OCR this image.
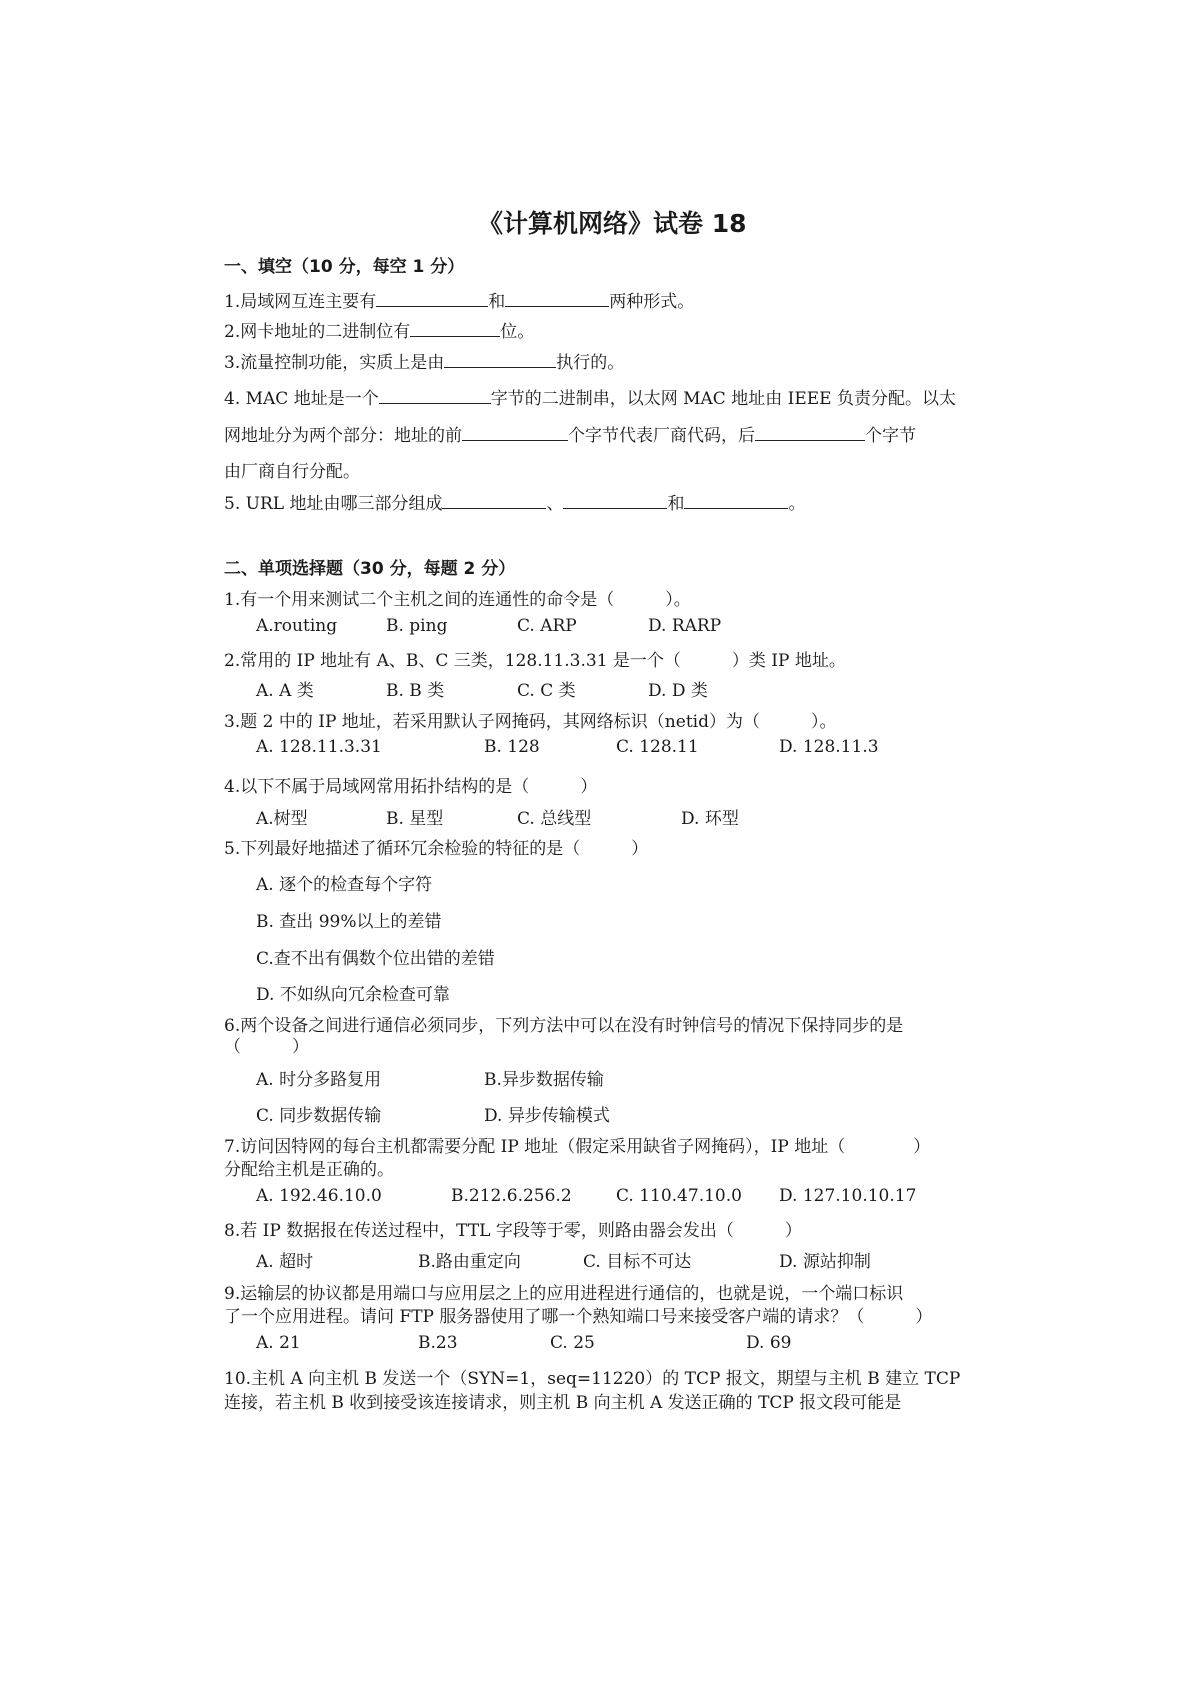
《计算机网络》试卷 18
一、填空（10 分，每空 1 分）
1.局域网互连主要有	和	两种形式。
2.网卡地址的二进制位有	位。
3.流量控制功能，实质上是由	执行的。
4. MAC 地址是一个	字节的二进制串，以太网 MAC 地址由 IEEE 负责分配。以太
网地址分为两个部分：地址的前	个字节代表厂商代码，后	个字节
由厂商自行分配。
5. URL 地址由哪三部分组成	、	和	。
二、单项选择题（30 分，每题 2 分）
1.有一个用来测试二个主机之间的连通性的命令是（　　　）。
A.routing	B. ping	C. ARP	D. RARP
2.常用的 IP 地址有 A、B、C 三类，128.11.3.31 是一个（　　　）类 IP 地址。
A. A 类	B. B 类	C. C 类	D. D 类
3.题 2 中的 IP 地址，若采用默认子网掩码，其网络标识（netid）为（　　　）。
A. 128.11.3.31	B. 128	C. 128.11	D. 128.11.3
4.以下不属于局域网常用拓扑结构的是（　　　）
A.树型	B. 星型	C. 总线型	D. 环型
5.下列最好地描述了循环冗余检验的特征的是（　　　）
A. 逐个的检查每个字符
B. 查出 99%以上的差错
C.查不出有偶数个位出错的差错
D. 不如纵向冗余检查可靠
6.两个设备之间进行通信必须同步，下列方法中可以在没有时钟信号的情况下保持同步的是
（　　　）
A. 时分多路复用	B.异步数据传输
C. 同步数据传输	D. 异步传输模式
7.访问因特网的每台主机都需要分配 IP 地址（假定采用缺省子网掩码），IP 地址（　　　　）
分配给主机是正确的。
A. 192.46.10.0	B.212.6.256.2	C. 110.47.10.0 D. 127.10.10.17
8.若 IP 数据报在传送过程中，TTL 字段等于零，则路由器会发出（　　　）
A. 超时	B.路由重定向	C. 目标不可达	D. 源站抑制
9.运输层的协议都是用端口与应用层之上的应用进程进行通信的，也就是说，一个端口标识
了一个应用进程。请问 FTP 服务器使用了哪一个熟知端口号来接受客户端的请求？（　　　）
A. 21	B.23	C. 25	D. 69
10.主机 A 向主机 B 发送一个（SYN=1，seq=11220）的 TCP 报文，期望与主机 B 建立 TCP
连接，若主机 B 收到接受该连接请求，则主机 B 向主机 A 发送正确的 TCP 报文段可能是
